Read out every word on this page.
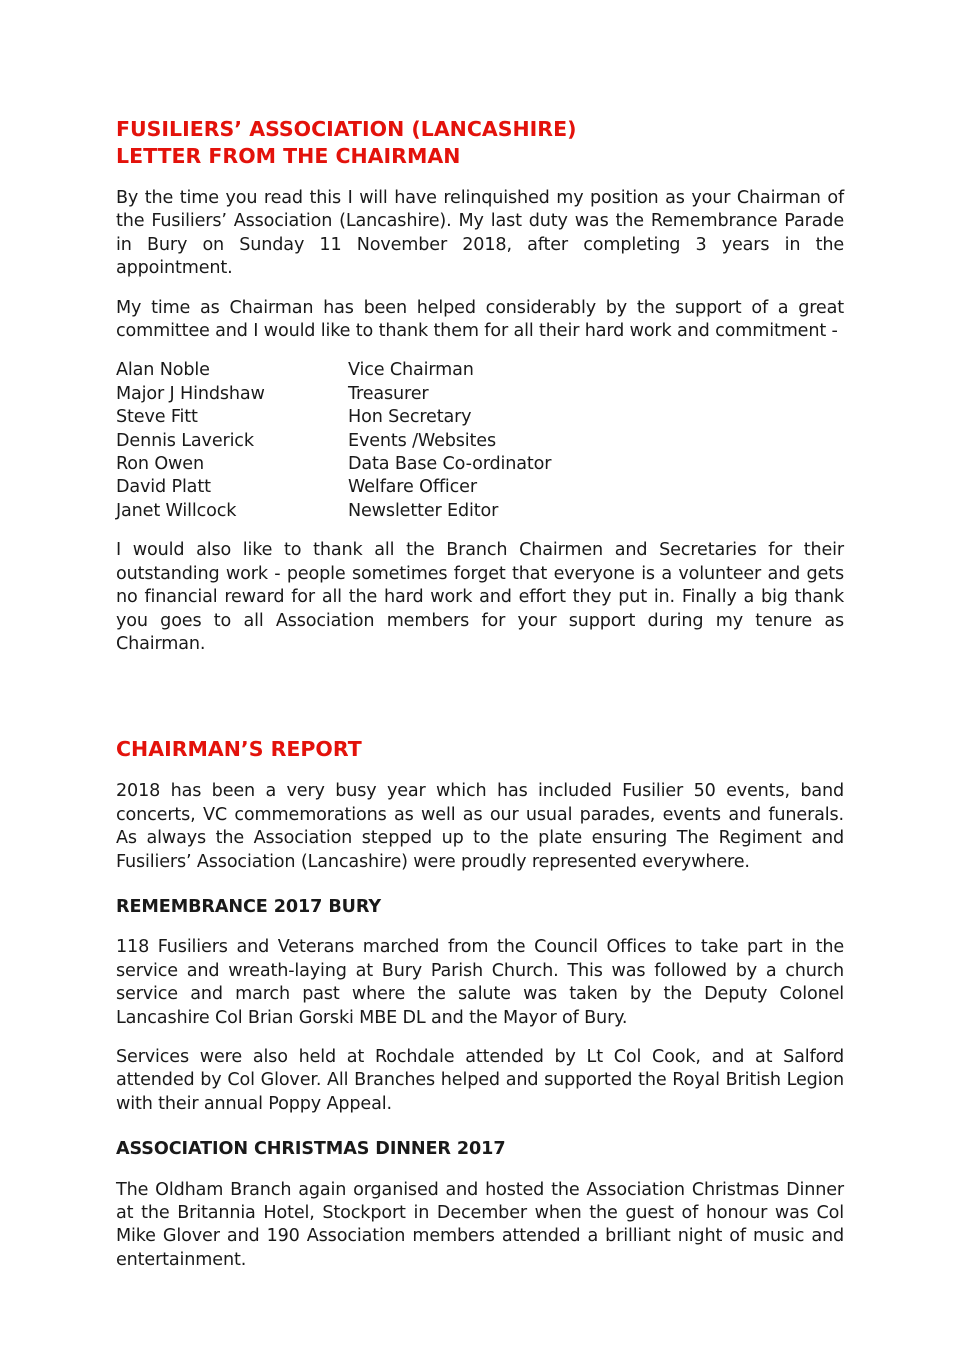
FUSILIERS’ ASSOCIATION (LANCASHIRE)
LETTER FROM THE CHAIRMAN

By the time you read this I will have relinquished my position as your Chairman of the Fusiliers’ Association (Lancashire). My last duty was the Remembrance Parade in Bury on Sunday 11 November 2018, after completing 3 years in the appointment.

My time as Chairman has been helped considerably by the support of a great committee and I would like to thank them for all their hard work and commitment -

Alan Noble	Vice Chairman
Major J Hindshaw	Treasurer
Steve Fitt	Hon Secretary
Dennis Laverick	Events /Websites
Ron Owen	Data Base Co-ordinator
David Platt	Welfare Officer
Janet Willcock	Newsletter Editor

I would also like to thank all the Branch Chairmen and Secretaries for their outstanding work - people sometimes forget that everyone is a volunteer and gets no financial reward for all the hard work and effort they put in. Finally a big thank you goes to all Association members for your support during my tenure as Chairman.

CHAIRMAN’S REPORT

2018 has been a very busy year which has included Fusilier 50 events, band concerts, VC commemorations as well as our usual parades, events and funerals. As always the Association stepped up to the plate ensuring The Regiment and Fusiliers’ Association (Lancashire) were proudly represented everywhere.

REMEMBRANCE 2017 BURY

118 Fusiliers and Veterans marched from the Council Offices to take part in the service and wreath-laying at Bury Parish Church. This was followed by a church service and march past where the salute was taken by the Deputy Colonel Lancashire Col Brian Gorski MBE DL and the Mayor of Bury.

Services were also held at Rochdale attended by Lt Col Cook, and at Salford attended by Col Glover. All Branches helped and supported the Royal British Legion with their annual Poppy Appeal.

ASSOCIATION CHRISTMAS DINNER 2017

The Oldham Branch again organised and hosted the Association Christmas Dinner at the Britannia Hotel, Stockport in December when the guest of honour was Col Mike Glover and 190 Association members attended a brilliant night of music and entertainment.
